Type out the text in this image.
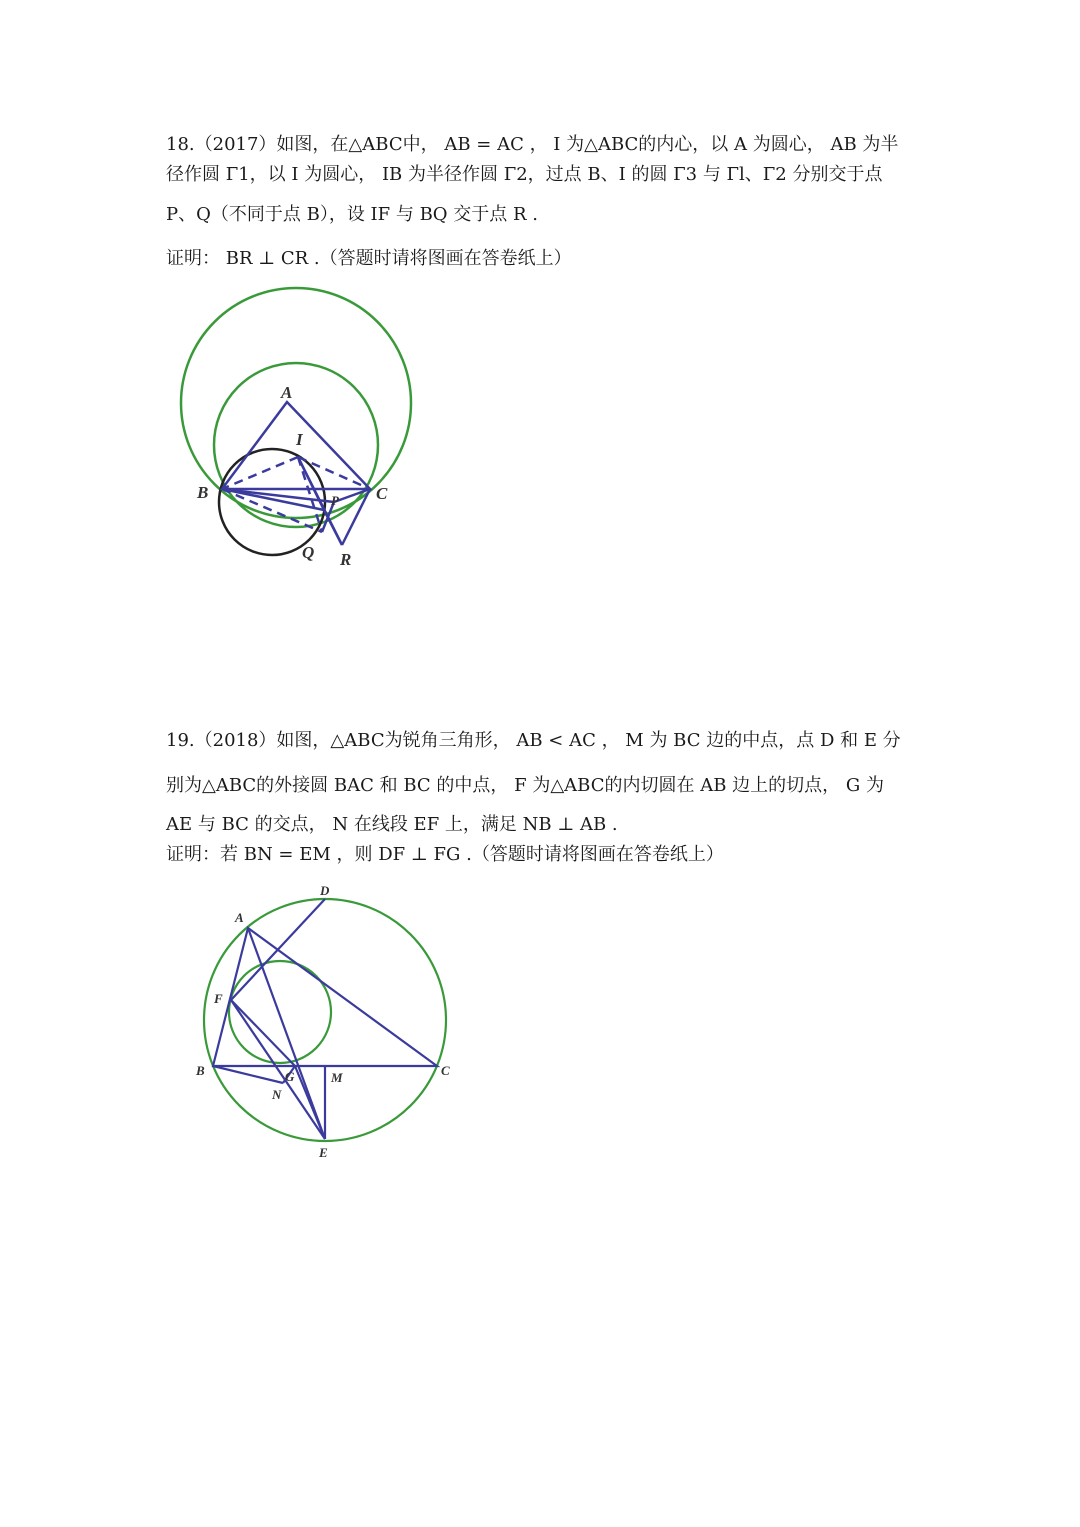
18.（2017）如图，在△ABC中， AB = AC ， I 为△ABC的内心，以 A 为圆心， AB 为半
径作圆 Γ1，以 I 为圆心， IB 为半径作圆 Γ2，过点 B、I 的圆 Γ3 与 Γl、Γ2 分别交于点
P、Q（不同于点 B），设 IF 与 BQ 交于点 R .
证明： BR ⊥ CR .（答题时请将图画在答卷纸上）
A
I
B	C
P
Q R
19.（2018）如图，△ABC为锐角三角形， AB < AC ， M 为 BC 边的中点，点 D 和 E 分
别为△ABC的外接圆 BAC 和 BC 的中点， F 为△ABC的内切圆在 AB 边上的切点， G 为
AE 与 BC 的交点， N 在线段 EF 上，满足 NB ⊥ AB .
证明：若 BN = EM ，则 DF ⊥ FG .（答题时请将图画在答卷纸上）
D
A
F
B	G	M	C
N
E
